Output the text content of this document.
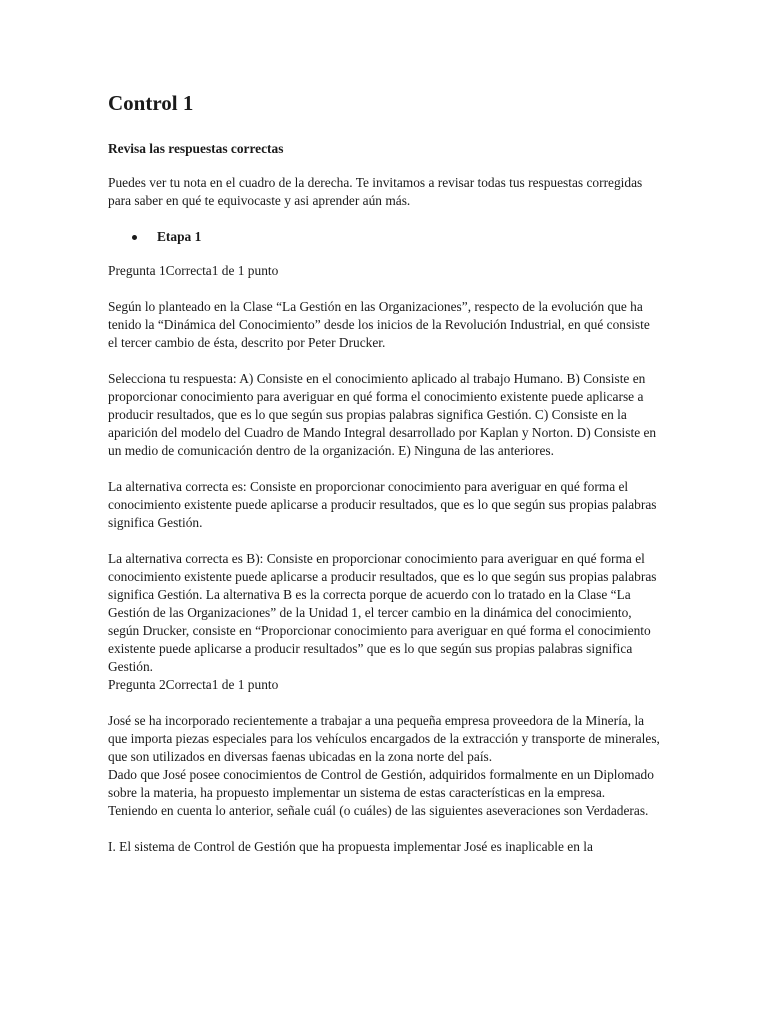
Control 1
Revisa las respuestas correctas

Puedes ver tu nota en el cuadro de la derecha. Te invitamos a revisar todas tus respuestas corregidas para saber en qué te equivocaste y asi aprender aún más.

Etapa 1

Pregunta 1Correcta1 de 1 punto

Según lo planteado en la Clase “La Gestión en las Organizaciones”, respecto de la evolución que ha tenido la “Dinámica del Conocimiento” desde los inicios de la Revolución Industrial, en qué consiste el tercer cambio de ésta, descrito por Peter Drucker.

Selecciona tu respuesta: A) Consiste en el conocimiento aplicado al trabajo Humano. B) Consiste en proporcionar conocimiento para averiguar en qué forma el conocimiento existente puede aplicarse a producir resultados, que es lo que según sus propias palabras significa Gestión. C) Consiste en la aparición del modelo del Cuadro de Mando Integral desarrollado por Kaplan y Norton. D) Consiste en un medio de comunicación dentro de la organización. E) Ninguna de las anteriores.

La alternativa correcta es: Consiste en proporcionar conocimiento para averiguar en qué forma el conocimiento existente puede aplicarse a producir resultados, que es lo que según sus propias palabras significa Gestión.

La alternativa correcta es B): Consiste en proporcionar conocimiento para averiguar en qué forma el conocimiento existente puede aplicarse a producir resultados, que es lo que según sus propias palabras significa Gestión. La alternativa B es la correcta porque de acuerdo con lo tratado en la Clase “La Gestión de las Organizaciones” de la Unidad 1, el tercer cambio en la dinámica del conocimiento, según Drucker, consiste en “Proporcionar conocimiento para averiguar en qué forma el conocimiento existente puede aplicarse a producir resultados” que es lo que según sus propias palabras significa Gestión.

Pregunta 2Correcta1 de 1 punto

José se ha incorporado recientemente a trabajar a una pequeña empresa proveedora de la Minería, la que importa piezas especiales para los vehículos encargados de la extracción y transporte de minerales, que son utilizados en diversas faenas ubicadas en la zona norte del país.

Dado que José posee conocimientos de Control de Gestión, adquiridos formalmente en un Diplomado sobre la materia, ha propuesto implementar un sistema de estas características en la empresa.

Teniendo en cuenta lo anterior, señale cuál (o cuáles) de las siguientes aseveraciones son Verdaderas.

I. El sistema de Control de Gestión que ha propuesta implementar José es inaplicable en la
